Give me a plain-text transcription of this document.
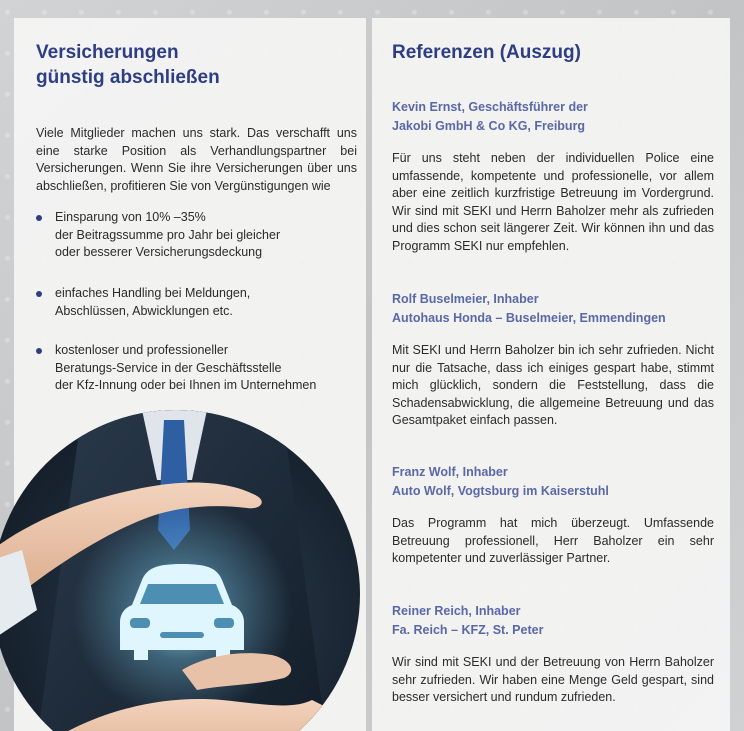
Versicherungen
günstig abschließen
Viele Mitglieder machen uns stark. Das verschafft uns eine starke Position als Verhandlungspartner bei Versicherungen. Wenn Sie ihre Versicherungen über uns abschließen, profitieren Sie von Vergünstigungen wie
Einsparung von 10% –35%
der Beitragssumme pro Jahr bei gleicher
oder besserer Versicherungsdeckung
einfaches Handling bei Meldungen,
Abschlüssen, Abwicklungen etc.
kostenloser und professioneller
Beratungs-Service in der Geschäftsstelle
der Kfz-Innung oder bei Ihnen im Unternehmen
Referenzen (Auszug)
Kevin Ernst, Geschäftsführer der
Jakobi GmbH & Co KG, Freiburg
Für uns steht neben der individuellen Police eine umfassende, kompetente und professionelle, vor allem aber eine zeitlich kurzfristige Betreuung im Vordergrund. Wir sind mit SEKI und Herrn Baholzer mehr als zufrieden und dies schon seit längerer Zeit. Wir können ihn und das Programm SEKI nur empfehlen.
Rolf Buselmeier, Inhaber
Autohaus Honda – Buselmeier, Emmendingen
Mit SEKI und Herrn Baholzer bin ich sehr zufrieden. Nicht nur die Tatsache, dass ich einiges gespart habe, stimmt mich glücklich, sondern die Feststellung, dass die Schadensabwicklung, die allgemeine Betreuung und das Gesamtpaket einfach passen.
Franz Wolf, Inhaber
Auto Wolf, Vogtsburg im Kaiserstuhl
Das Programm hat mich überzeugt. Umfassende Betreuung professionell, Herr Baholzer ein sehr kompetenter und zuverlässiger Partner.
Reiner Reich, Inhaber
Fa. Reich – KFZ, St. Peter
Wir sind mit SEKI und der Betreuung von Herrn Baholzer sehr zufrieden. Wir haben eine Menge Geld gespart, sind besser versichert und rundum zufrieden.
